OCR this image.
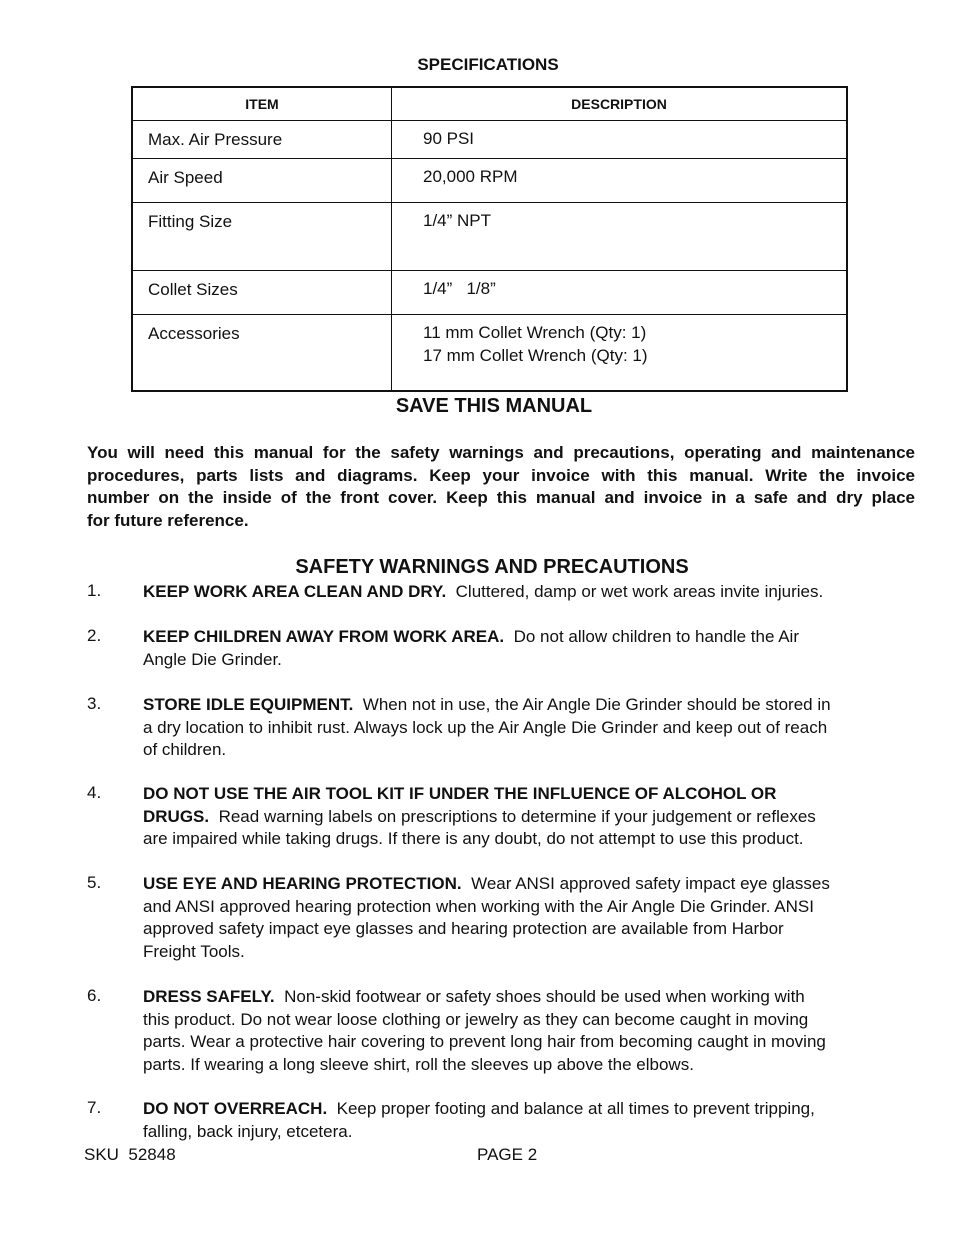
SPECIFICATIONS
ITEM	DESCRIPTION
Max. Air Pressure	90 PSI

Air Speed	20,000 RPM

Fitting Size	1/4” NPT

Collet Sizes	1/4”   1/8”

Accessories	11 mm Collet Wrench (Qty: 1)
17 mm Collet Wrench (Qty: 1)
SAVE THIS MANUAL
You will need this manual for the safety warnings and precautions, operating and maintenance
procedures, parts lists and diagrams. Keep your invoice with this manual. Write the invoice
number on the inside of the front cover. Keep this manual and invoice in a safe and dry place
for future reference.
SAFETY WARNINGS AND PRECAUTIONS
1. KEEP WORK AREA CLEAN AND DRY. Cluttered, damp or wet work areas invite injuries.
2. KEEP CHILDREN AWAY FROM WORK AREA. Do not allow children to handle the Air
Angle Die Grinder.
3. STORE IDLE EQUIPMENT. When not in use, the Air Angle Die Grinder should be stored in
a dry location to inhibit rust. Always lock up the Air Angle Die Grinder and keep out of reach
of children.
4. DO NOT USE THE AIR TOOL KIT IF UNDER THE INFLUENCE OF ALCOHOL OR
DRUGS. Read warning labels on prescriptions to determine if your judgement or reflexes
are impaired while taking drugs. If there is any doubt, do not attempt to use this product.
5. USE EYE AND HEARING PROTECTION. Wear ANSI approved safety impact eye glasses
and ANSI approved hearing protection when working with the Air Angle Die Grinder. ANSI
approved safety impact eye glasses and hearing protection are available from Harbor
Freight Tools.
6. DRESS SAFELY. Non-skid footwear or safety shoes should be used when working with
this product. Do not wear loose clothing or jewelry as they can become caught in moving
parts. Wear a protective hair covering to prevent long hair from becoming caught in moving
parts. If wearing a long sleeve shirt, roll the sleeves up above the elbows.
7. DO NOT OVERREACH. Keep proper footing and balance at all times to prevent tripping,
falling, back injury, etcetera.
SKU  52848	PAGE 2
